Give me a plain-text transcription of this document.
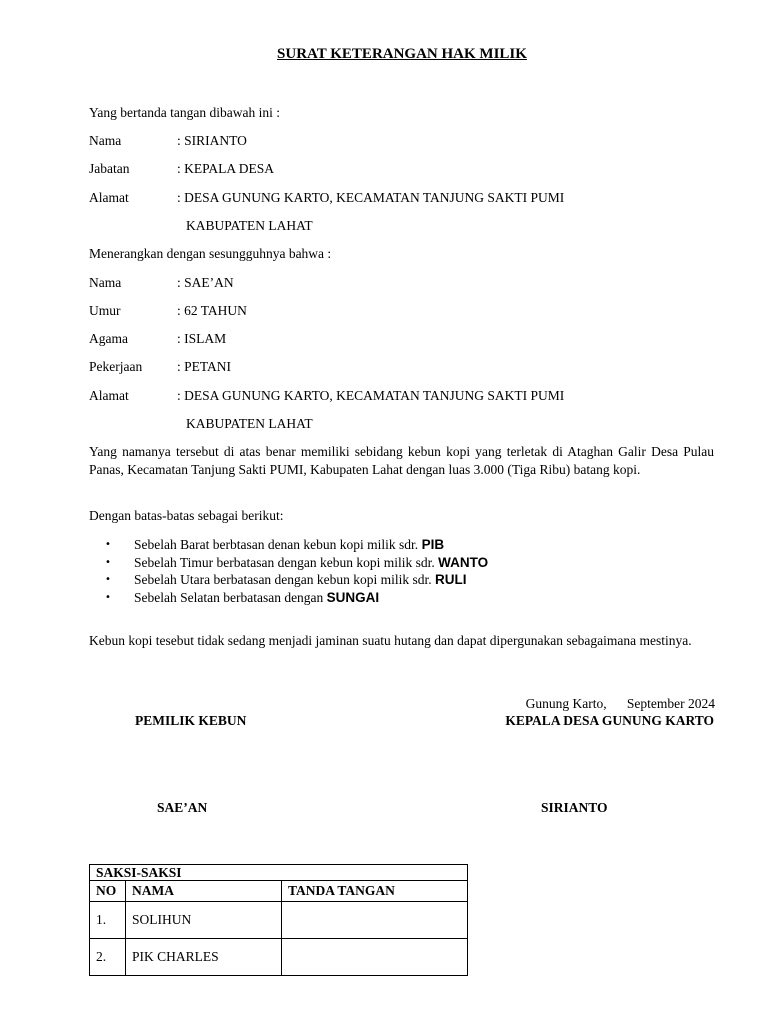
SURAT KETERANGAN HAK MILIK
Yang bertanda tangan dibawah ini :
Nama	: SIRIANTO
Jabatan	: KEPALA DESA
Alamat	: DESA GUNUNG KARTO, KECAMATAN TANJUNG SAKTI PUMI
KABUPATEN LAHAT
Menerangkan dengan sesungguhnya bahwa :
Nama	: SAE’AN
Umur	: 62 TAHUN
Agama	: ISLAM
Pekerjaan	: PETANI
Alamat	: DESA GUNUNG KARTO, KECAMATAN TANJUNG SAKTI PUMI
KABUPATEN LAHAT
Yang namanya tersebut di atas benar memiliki sebidang kebun kopi yang terletak di Ataghan Galir Desa Pulau Panas, Kecamatan Tanjung Sakti PUMI, Kabupaten Lahat dengan luas 3.000 (Tiga Ribu) batang kopi.
Dengan batas-batas sebagai berikut:
• Sebelah Barat berbtasan denan kebun kopi milik sdr. PIB
• Sebelah Timur berbatasan dengan kebun kopi milik sdr. WANTO
• Sebelah Utara berbatasan dengan kebun kopi milik sdr. RULI
• Sebelah Selatan berbatasan dengan SUNGAI
Kebun kopi tesebut tidak sedang menjadi jaminan suatu hutang dan dapat dipergunakan sebagaimana mestinya.
Gunung Karto,      September 2024
PEMILIK KEBUN	KEPALA DESA GUNUNG KARTO
SAE’AN	SIRIANTO
SAKSI-SAKSI		
NO	NAMA	TANDA TANGAN
1.	SOLIHUN	
2.	PIK CHARLES	
